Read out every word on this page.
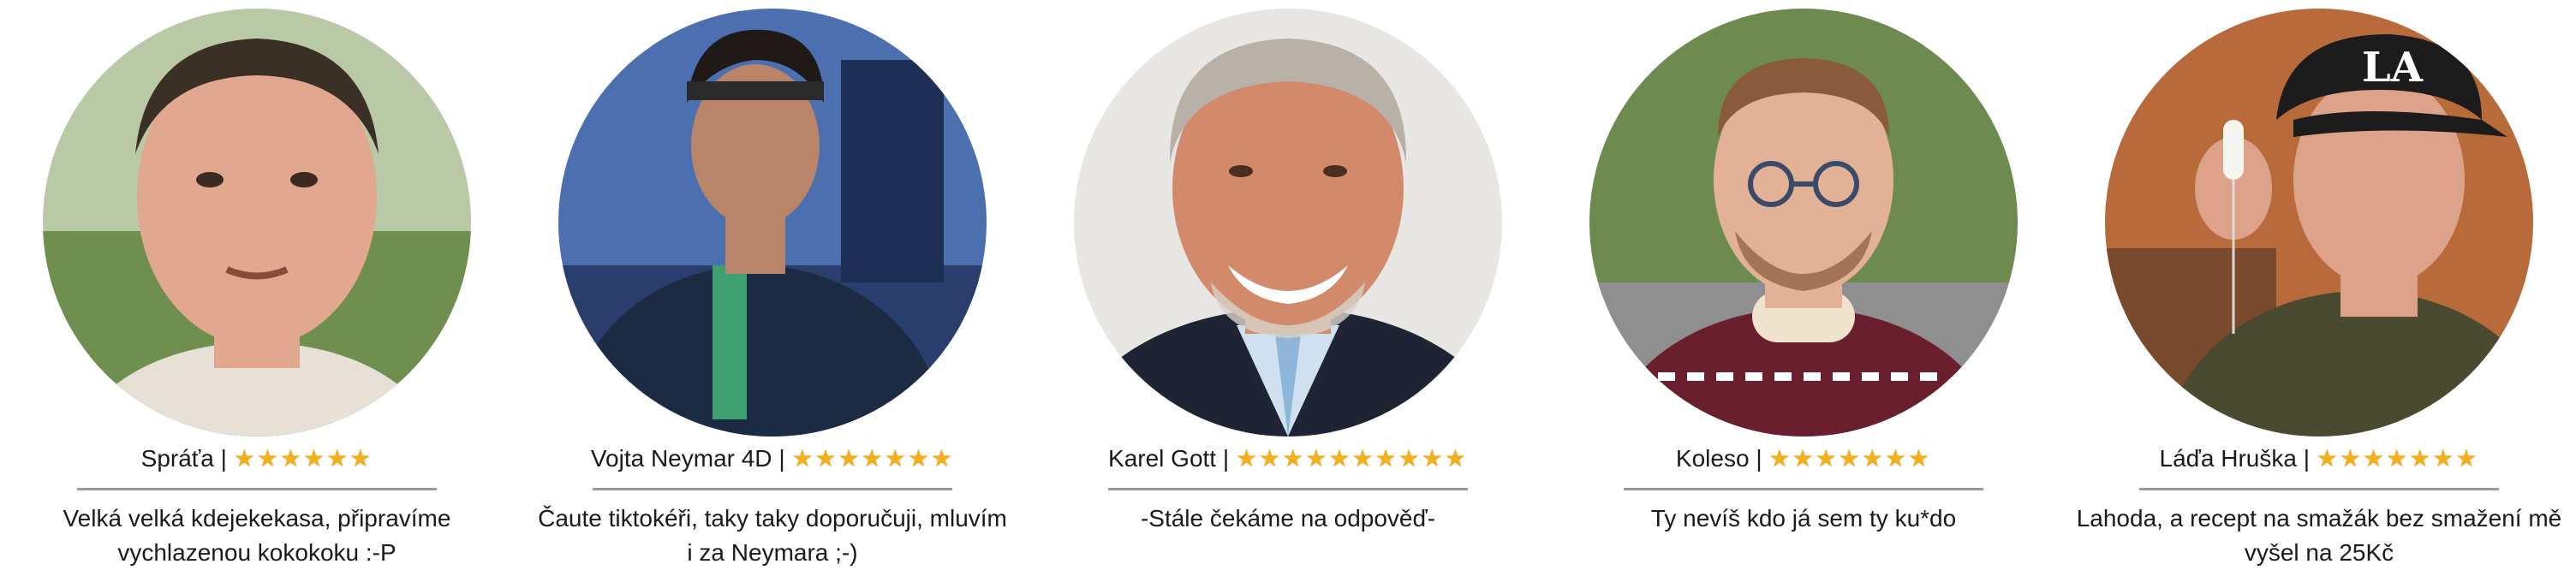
Spráťa | ★★★★★★
Velká velká kdejekekasa, připravíme vychlazenou kokokoku :-P
Vojta Neymar 4D | ★★★★★★★
Čaute tiktokéři, taky taky doporučuji, mluvím i za Neymara ;-)
Karel Gott | ★★★★★★★★★★
-Stále čekáme na odpověď-
Koleso | ★★★★★★★
Ty nevíš kdo já sem ty ku*do
LA
Láďa Hruška | ★★★★★★★
Lahoda, a recept na smažák bez smažení mě vyšel na 25Kč
